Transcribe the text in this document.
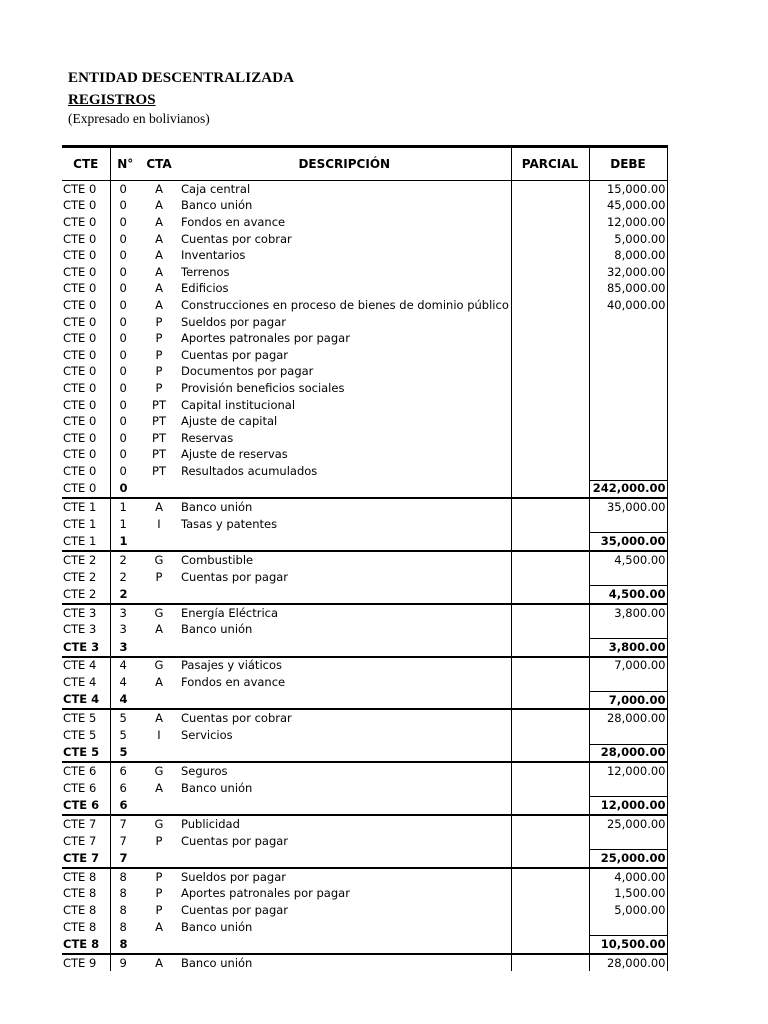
ENTIDAD DESCENTRALIZADA
REGISTROS
(Expresado en bolivianos)
CTE	N°	CTA	DESCRIPCIÓN	PARCIAL	DEBE
CTE 0	0	A	Caja central		15,000.00
CTE 0	0	A	Banco unión		45,000.00
CTE 0	0	A	Fondos en avance		12,000.00
CTE 0	0	A	Cuentas por cobrar		5,000.00
CTE 0	0	A	Inventarios		8,000.00
CTE 0	0	A	Terrenos		32,000.00
CTE 0	0	A	Edificios		85,000.00
CTE 0	0	A	Construcciones en proceso de bienes de dominio público		40,000.00
CTE 0	0	P	Sueldos por pagar		
CTE 0	0	P	Aportes patronales por pagar		
CTE 0	0	P	Cuentas por pagar		
CTE 0	0	P	Documentos por pagar		
CTE 0	0	P	Provisión beneficios sociales		
CTE 0	0	PT	Capital institucional		
CTE 0	0	PT	Ajuste de capital		
CTE 0	0	PT	Reservas		
CTE 0	0	PT	Ajuste de reservas		
CTE 0	0	PT	Resultados acumulados		
CTE 0	0				242,000.00
CTE 1	1	A	Banco unión		35,000.00
CTE 1	1	I	Tasas y patentes		
CTE 1	1				35,000.00
CTE 2	2	G	Combustible		4,500.00
CTE 2	2	P	Cuentas por pagar		
CTE 2	2				4,500.00
CTE 3	3	G	Energía Eléctrica		3,800.00
CTE 3	3	A	Banco unión		
CTE 3	3				3,800.00
CTE 4	4	G	Pasajes y viáticos		7,000.00
CTE 4	4	A	Fondos en avance		
CTE 4	4				7,000.00
CTE 5	5	A	Cuentas por cobrar		28,000.00
CTE 5	5	I	Servicios		
CTE 5	5				28,000.00
CTE 6	6	G	Seguros		12,000.00
CTE 6	6	A	Banco unión		
CTE 6	6				12,000.00
CTE 7	7	G	Publicidad		25,000.00
CTE 7	7	P	Cuentas por pagar		
CTE 7	7				25,000.00
CTE 8	8	P	Sueldos por pagar		4,000.00
CTE 8	8	P	Aportes patronales por pagar		1,500.00
CTE 8	8	P	Cuentas por pagar		5,000.00
CTE 8	8	A	Banco unión		
CTE 8	8				10,500.00
CTE 9	9	A	Banco unión		28,000.00
